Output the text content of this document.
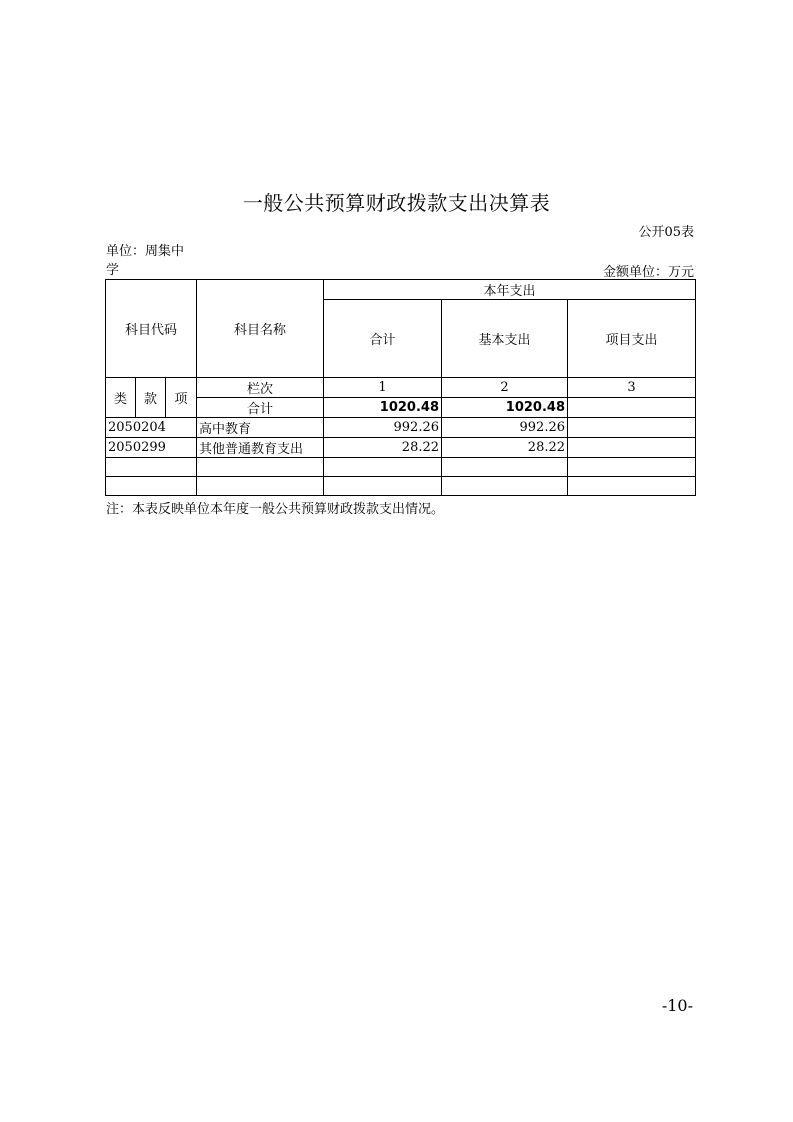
一般公共预算财政拨款支出决算表
公开05表
单位：周集中学	金额单位：万元
科目代码			科目名称	本年支出		
				合计	基本支出	项目支出
类	款	项	栏次	1	2	3
			合计	1020.48	1020.48	
2050204			高中教育	992.26	992.26	
2050299			其他普通教育支出	28.22	28.22	

注：本表反映单位本年度一般公共预算财政拨款支出情况。
-10-
